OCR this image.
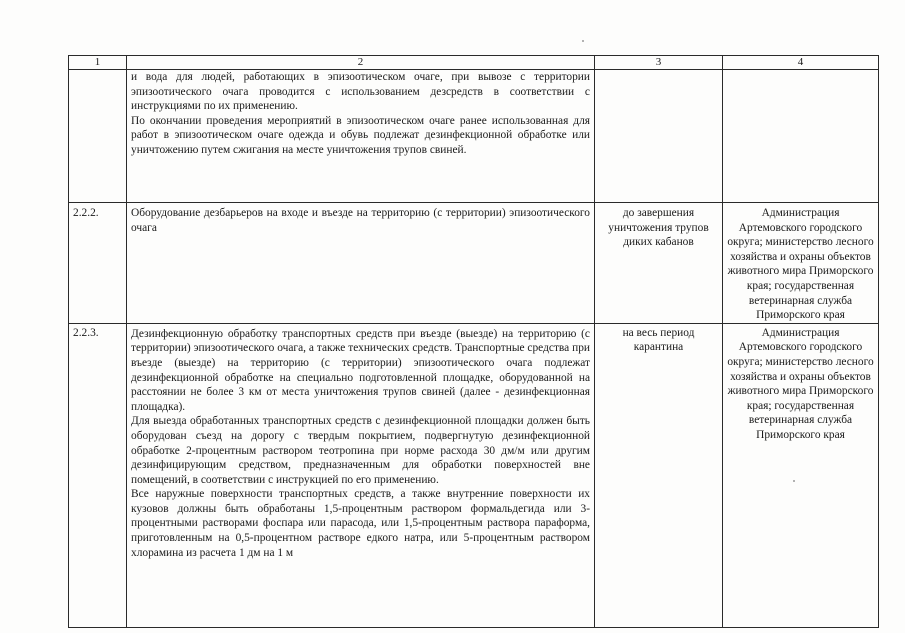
1	2	3	4

	и вода для людей, работающих в эпизоотическом очаге, при вывозе с территории эпизоотического очага проводится с использованием дезсредств в соответствии с инструкциями по их применению.

По окончании проведения мероприятий в эпизоотическом очаге ранее использованная для работ в эпизоотическом очаге одежда и обувь подлежат дезинфекционной обработке или уничтожению путем сжигания на месте уничтожения трупов свиней.		

2.2.2.	Оборудование дезбарьеров на входе и въезде на территорию (с территории) эпизоотического очага	до завершения уничтожения трупов диких кабанов	Администрация Артемовского городского округа; министерство лесного хозяйства и охраны объектов животного мира Приморского края; государственная ветеринарная служба Приморского края
2.2.3.	Дезинфекционную обработку транспортных средств при въезде (выезде) на территорию (с территории) эпизоотического очага, а также технических средств. Транспортные средства при въезде (выезде) на территорию (с территории) эпизоотического очага подлежат дезинфекционной обработке на специально подготовленной площадке, оборудованной на расстоянии не более 3 км от места уничтожения трупов свиней (далее - дезинфекционная площадка).

Для выезда обработанных транспортных средств с дезинфекционной площадки должен быть оборудован съезд на дорогу с твердым покрытием, подвергнутую дезинфекционной обработке 2-процентным раствором теотропина при норме расхода 30 дм/м или другим дезинфицирующим средством, предназначенным для обработки поверхностей вне помещений, в соответствии с инструкцией по его применению.

Все наружные поверхности транспортных средств, а также внутренние поверхности их кузовов должны быть обработаны 1,5-процентным раствором формальдегида или 3-процентными растворами фоспара или парасода, или 1,5-процентным раствора параформа, приготовленным на 0,5-процентном растворе едкого натра, или 5-процентным раствором хлорамина из расчета 1 дм на 1 м	на весь период карантина	Администрация Артемовского городского округа; министерство лесного хозяйства и охраны объектов животного мира Приморского края; государственная ветеринарная служба Приморского края
